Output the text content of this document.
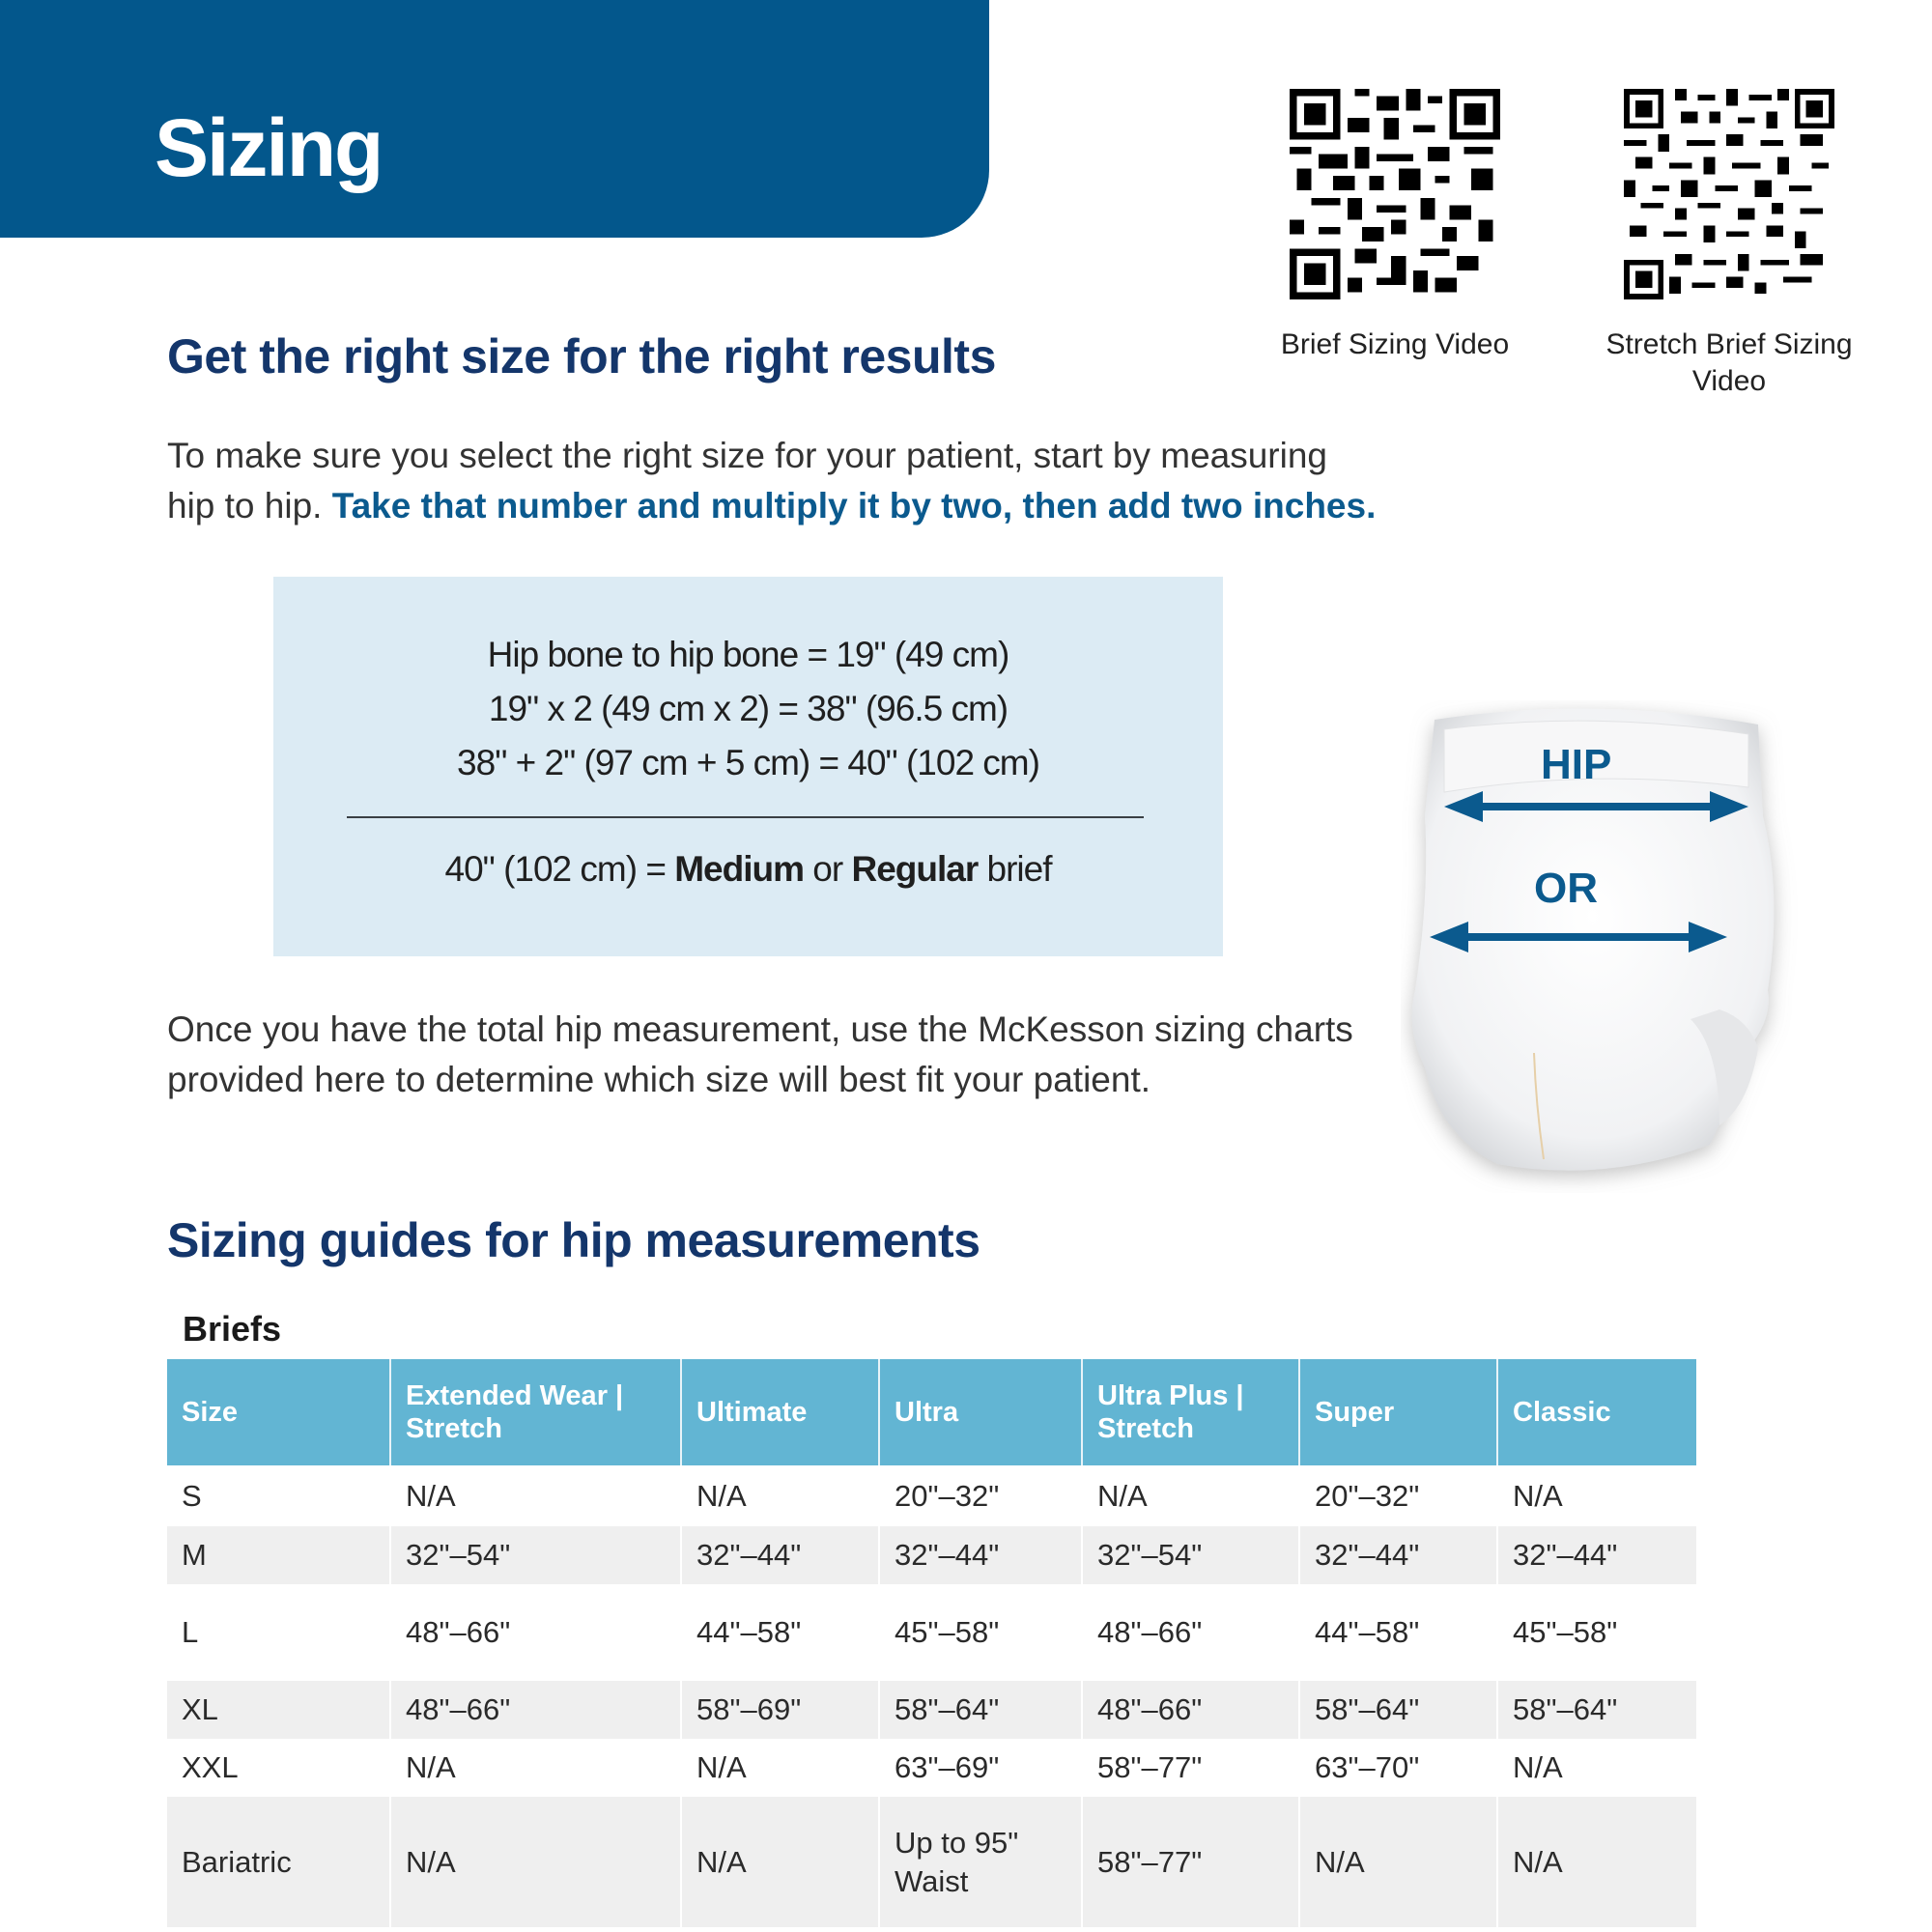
Sizing
Brief Sizing Video	Stretch Brief Sizing Video
Get the right size for the right results
To make sure you select the right size for your patient, start by measuring hip to hip. Take that number and multiply it by two, then add two inches.
Hip bone to hip bone = 19" (49 cm)
19" x 2 (49 cm x 2) = 38" (96.5 cm)
38" + 2" (97 cm + 5 cm) = 40" (102 cm)
40" (102 cm) = Medium or Regular brief
HIP
OR
Once you have the total hip measurement, use the McKesson sizing charts provided here to determine which size will best fit your patient.
Sizing guides for hip measurements
Briefs
Size	Extended Wear | Stretch	Ultimate	Ultra	Ultra Plus | Stretch	Super	Classic
S	N/A	N/A	20"–32"	N/A	20"–32"	N/A
M	32"–54"	32"–44"	32"–44"	32"–54"	32"–44"	32"–44"
L	48"–66"	44"–58"	45"–58"	48"–66"	44"–58"	45"–58"
XL	48"–66"	58"–69"	58"–64"	48"–66"	58"–64"	58"–64"
XXL	N/A	N/A	63"–69"	58"–77"	63"–70"	N/A
Bariatric	N/A	N/A	Up to 95" Waist	58"–77"	N/A	N/A
